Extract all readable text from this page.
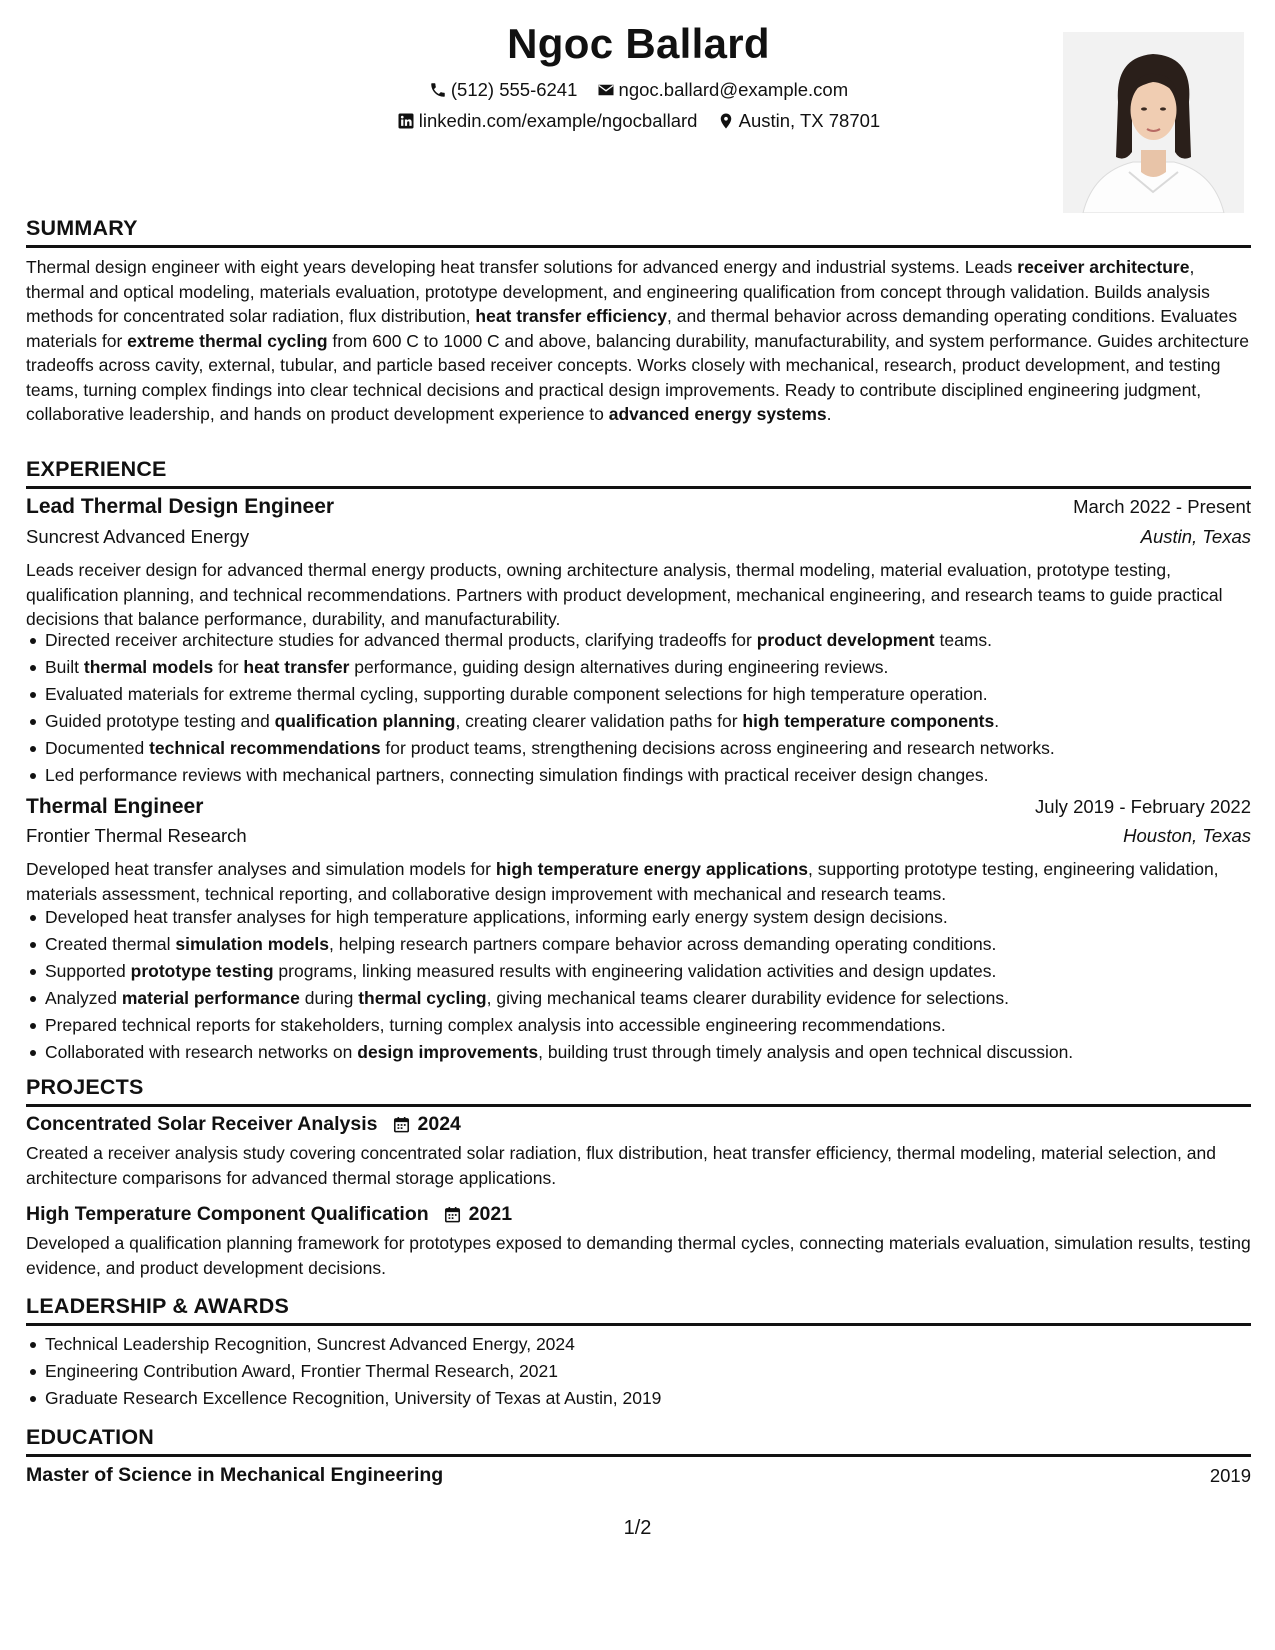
Ngoc Ballard
(512) 555-6241
ngoc.ballard@example.com
linkedin.com/example/ngocballard
Austin, TX 78701
SUMMARY
Thermal design engineer with eight years developing heat transfer solutions for advanced energy and industrial systems. Leads receiver architecture, thermal and optical modeling, materials evaluation, prototype development, and engineering qualification from concept through validation. Builds analysis methods for concentrated solar radiation, flux distribution, heat transfer efficiency, and thermal behavior across demanding operating conditions. Evaluates materials for extreme thermal cycling from 600 C to 1000 C and above, balancing durability, manufacturability, and system performance. Guides architecture tradeoffs across cavity, external, tubular, and particle based receiver concepts. Works closely with mechanical, research, product development, and testing teams, turning complex findings into clear technical decisions and practical design improvements. Ready to contribute disciplined engineering judgment, collaborative leadership, and hands on product development experience to advanced energy systems.
EXPERIENCE
Lead Thermal Design Engineer	March 2022 - Present
Suncrest Advanced Energy	Austin, Texas
Leads receiver design for advanced thermal energy products, owning architecture analysis, thermal modeling, material evaluation, prototype testing, qualification planning, and technical recommendations. Partners with product development, mechanical engineering, and research teams to guide practical decisions that balance performance, durability, and manufacturability.
Directed receiver architecture studies for advanced thermal products, clarifying tradeoffs for product development teams.
Built thermal models for heat transfer performance, guiding design alternatives during engineering reviews.
Evaluated materials for extreme thermal cycling, supporting durable component selections for high temperature operation.
Guided prototype testing and qualification planning, creating clearer validation paths for high temperature components.
Documented technical recommendations for product teams, strengthening decisions across engineering and research networks.
Led performance reviews with mechanical partners, connecting simulation findings with practical receiver design changes.
Thermal Engineer	July 2019 - February 2022
Frontier Thermal Research	Houston, Texas
Developed heat transfer analyses and simulation models for high temperature energy applications, supporting prototype testing, engineering validation, materials assessment, technical reporting, and collaborative design improvement with mechanical and research teams.
Developed heat transfer analyses for high temperature applications, informing early energy system design decisions.
Created thermal simulation models, helping research partners compare behavior across demanding operating conditions.
Supported prototype testing programs, linking measured results with engineering validation activities and design updates.
Analyzed material performance during thermal cycling, giving mechanical teams clearer durability evidence for selections.
Prepared technical reports for stakeholders, turning complex analysis into accessible engineering recommendations.
Collaborated with research networks on design improvements, building trust through timely analysis and open technical discussion.
PROJECTS
Concentrated Solar Receiver Analysis 2024
Created a receiver analysis study covering concentrated solar radiation, flux distribution, heat transfer efficiency, thermal modeling, material selection, and architecture comparisons for advanced thermal storage applications.
High Temperature Component Qualification 2021
Developed a qualification planning framework for prototypes exposed to demanding thermal cycles, connecting materials evaluation, simulation results, testing evidence, and product development decisions.
LEADERSHIP & AWARDS
Technical Leadership Recognition, Suncrest Advanced Energy, 2024
Engineering Contribution Award, Frontier Thermal Research, 2021
Graduate Research Excellence Recognition, University of Texas at Austin, 2019
EDUCATION
Master of Science in Mechanical Engineering	2019
1/2
